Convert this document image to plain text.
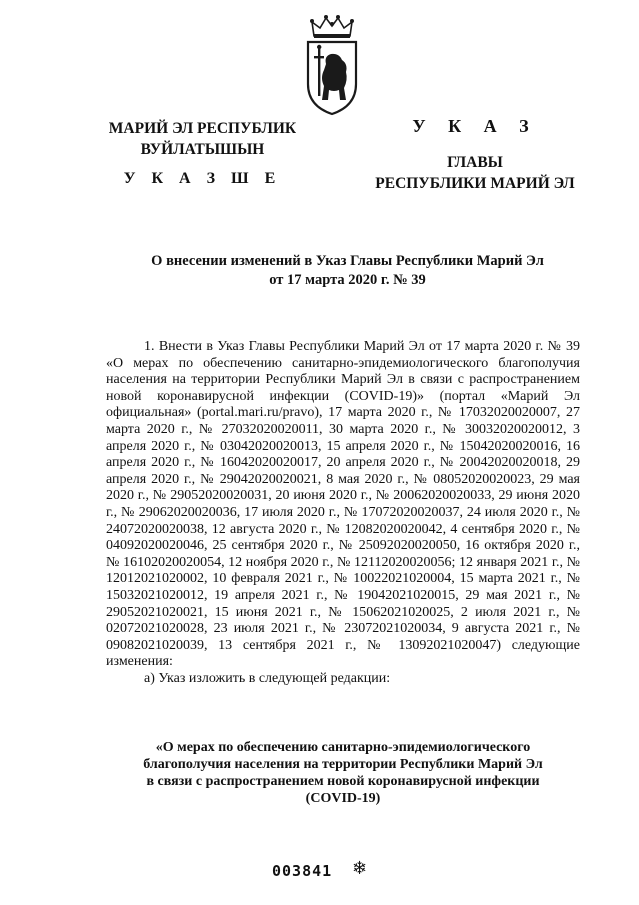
МАРИЙ ЭЛ РЕСПУБЛИК
ВУЙЛАТЫШЫН
У К А З Ш Е
У К А З
ГЛАВЫ
РЕСПУБЛИКИ МАРИЙ ЭЛ
О внесении изменений в Указ Главы Республики Марий Эл
от 17 марта 2020 г. № 39

1. Внести в Указ Главы Республики Марий Эл от 17 марта 2020 г. № 39 «О мерах по обеспечению санитарно-эпидемиологического благополучия населения на территории Республики Марий Эл в связи с распространением новой коронавирусной инфекции (COVID-19)» (портал «Марий Эл официальная» (portal.mari.ru/pravo), 17 марта 2020 г., № 17032020020007, 27 марта 2020 г., № 27032020020011, 30 марта 2020 г., № 30032020020012, 3 апреля 2020 г., № 03042020020013, 15 апреля 2020 г., № 15042020020016, 16 апреля 2020 г., № 16042020020017, 20 апреля 2020 г., № 20042020020018, 29 апреля 2020 г., № 29042020020021, 8 мая 2020 г., № 08052020020023, 29 мая 2020 г., № 29052020020031, 20 июня 2020 г., № 20062020020033, 29 июня 2020 г., № 29062020020036, 17 июля 2020 г., № 17072020020037, 24 июля 2020 г., № 24072020020038, 12 августа 2020 г., № 12082020020042, 4 сентября 2020 г., № 04092020020046, 25 сентября 2020 г., № 25092020020050, 16 октября 2020 г., № 16102020020054, 12 ноября 2020 г., № 12112020020056; 12 января 2021 г., № 12012021020002, 10 февраля 2021 г., № 10022021020004, 15 марта 2021 г., № 15032021020012, 19 апреля 2021 г., № 19042021020015, 29 мая 2021 г., № 29052021020021, 15 июня 2021 г., № 15062021020025, 2 июля 2021 г., № 02072021020028, 23 июля 2021 г., № 23072021020034, 9 августа 2021 г., № 09082021020039, 13 сентября 2021 г., № 13092021020047) следующие изменения:

а) Указ изложить в следующей редакции:

«О мерах по обеспечению санитарно-эпидемиологического
благополучия населения на территории Республики Марий Эл
в связи с распространением новой коронавирусной инфекции
(COVID-19)
003841 ❄
